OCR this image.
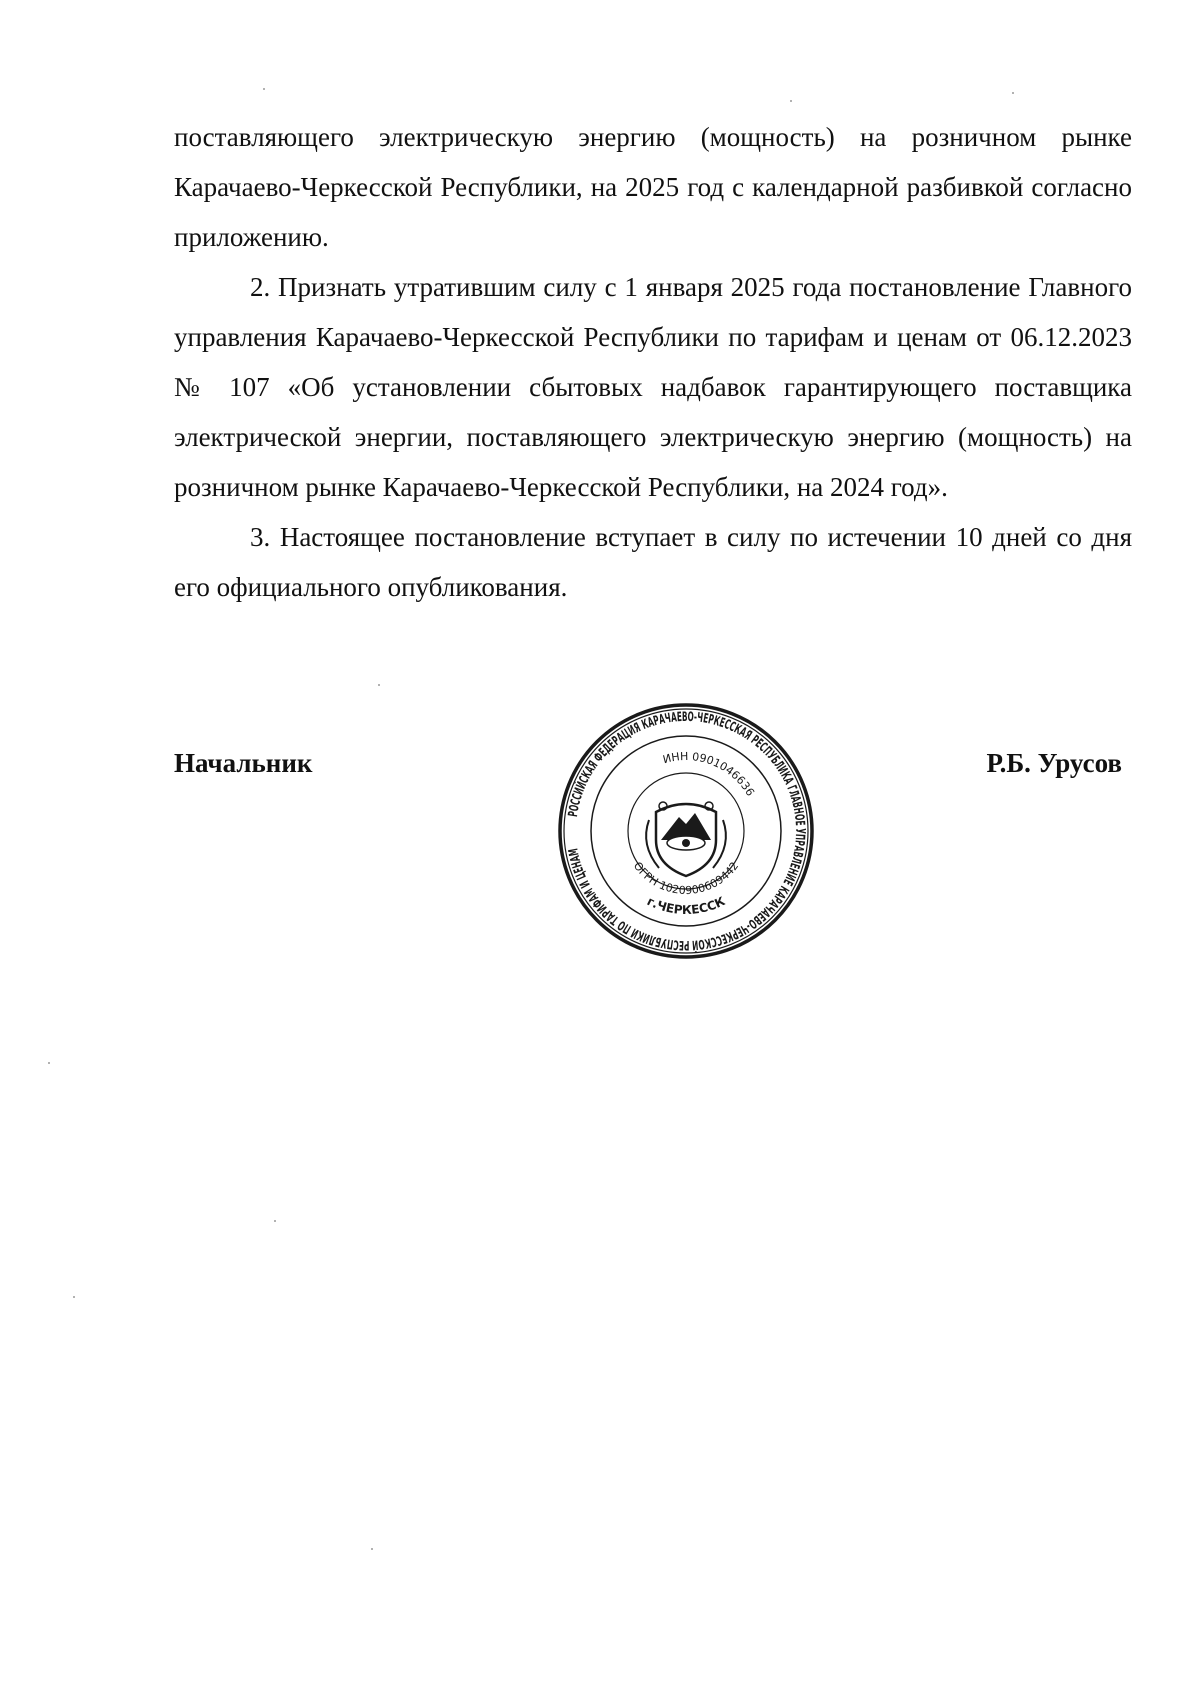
поставляющего электрическую энергию (мощность) на розничном рынке Карачаево-Черкесской Республики, на 2025 год с календарной разбивкой согласно приложению.

2. Признать утратившим силу с 1 января 2025 года постановление Главного управления Карачаево-Черкесской Республики по тарифам и ценам от 06.12.2023 № 107 «Об установлении сбытовых надбавок гарантирующего поставщика электрической энергии, поставляющего электрическую энергию (мощность) на розничном рынке Карачаево-Черкесской Республики, на 2024 год».

3. Настоящее постановление вступает в силу по истечении 10 дней со дня его официального опубликования.

Начальник	Р.Б. Урусов
РОССИЙСКАЯ ФЕДЕРАЦИЯ КАРАЧАЕВО-ЧЕРКЕССКАЯ РЕСПУБЛИКА ГЛАВНОЕ УПРАВЛЕНИЕ КАРАЧАЕВО-ЧЕРКЕССКОЙ РЕСПУБЛИКИ ПО ТАРИФАМ И ЦЕНАМ
г.ЧЕРКЕССК
ИНН 0901046636
ОГРН 1020900609442
